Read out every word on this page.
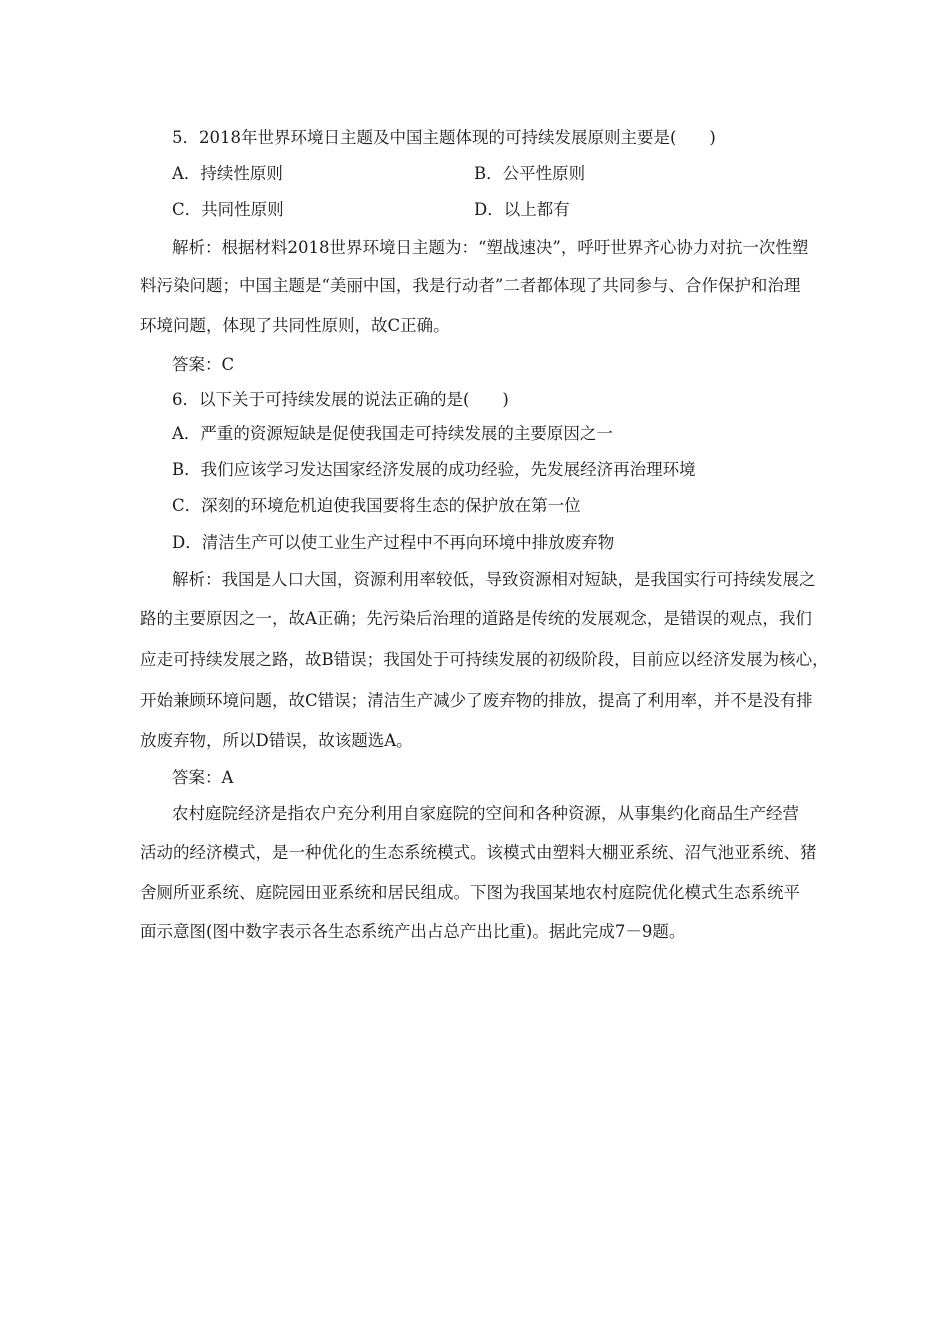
5．2018年世界环境日主题及中国主题体现的可持续发展原则主要是(　　)
A．持续性原则	B．公平性原则
C．共同性原则	D．以上都有
解析：根据材料2018世界环境日主题为：“塑战速决”，呼吁世界齐心协力对抗一次性塑
料污染问题；中国主题是“美丽中国，我是行动者”二者都体现了共同参与、合作保护和治理
环境问题，体现了共同性原则，故C正确。
答案：C
6．以下关于可持续发展的说法正确的是(　　)
A．严重的资源短缺是促使我国走可持续发展的主要原因之一
B．我们应该学习发达国家经济发展的成功经验，先发展经济再治理环境
C．深刻的环境危机迫使我国要将生态的保护放在第一位
D．清洁生产可以使工业生产过程中不再向环境中排放废弃物
解析：我国是人口大国，资源利用率较低，导致资源相对短缺，是我国实行可持续发展之
路的主要原因之一，故A正确；先污染后治理的道路是传统的发展观念，是错误的观点，我们
应走可持续发展之路，故B错误；我国处于可持续发展的初级阶段，目前应以经济发展为核心，
开始兼顾环境问题，故C错误；清洁生产减少了废弃物的排放，提高了利用率，并不是没有排
放废弃物，所以D错误，故该题选A。
答案：A
农村庭院经济是指农户充分利用自家庭院的空间和各种资源，从事集约化商品生产经营
活动的经济模式，是一种优化的生态系统模式。该模式由塑料大棚亚系统、沼气池亚系统、猪
舍厕所亚系统、庭院园田亚系统和居民组成。下图为我国某地农村庭院优化模式生态系统平
面示意图(图中数字表示各生态系统产出占总产出比重)。据此完成7－9题。
